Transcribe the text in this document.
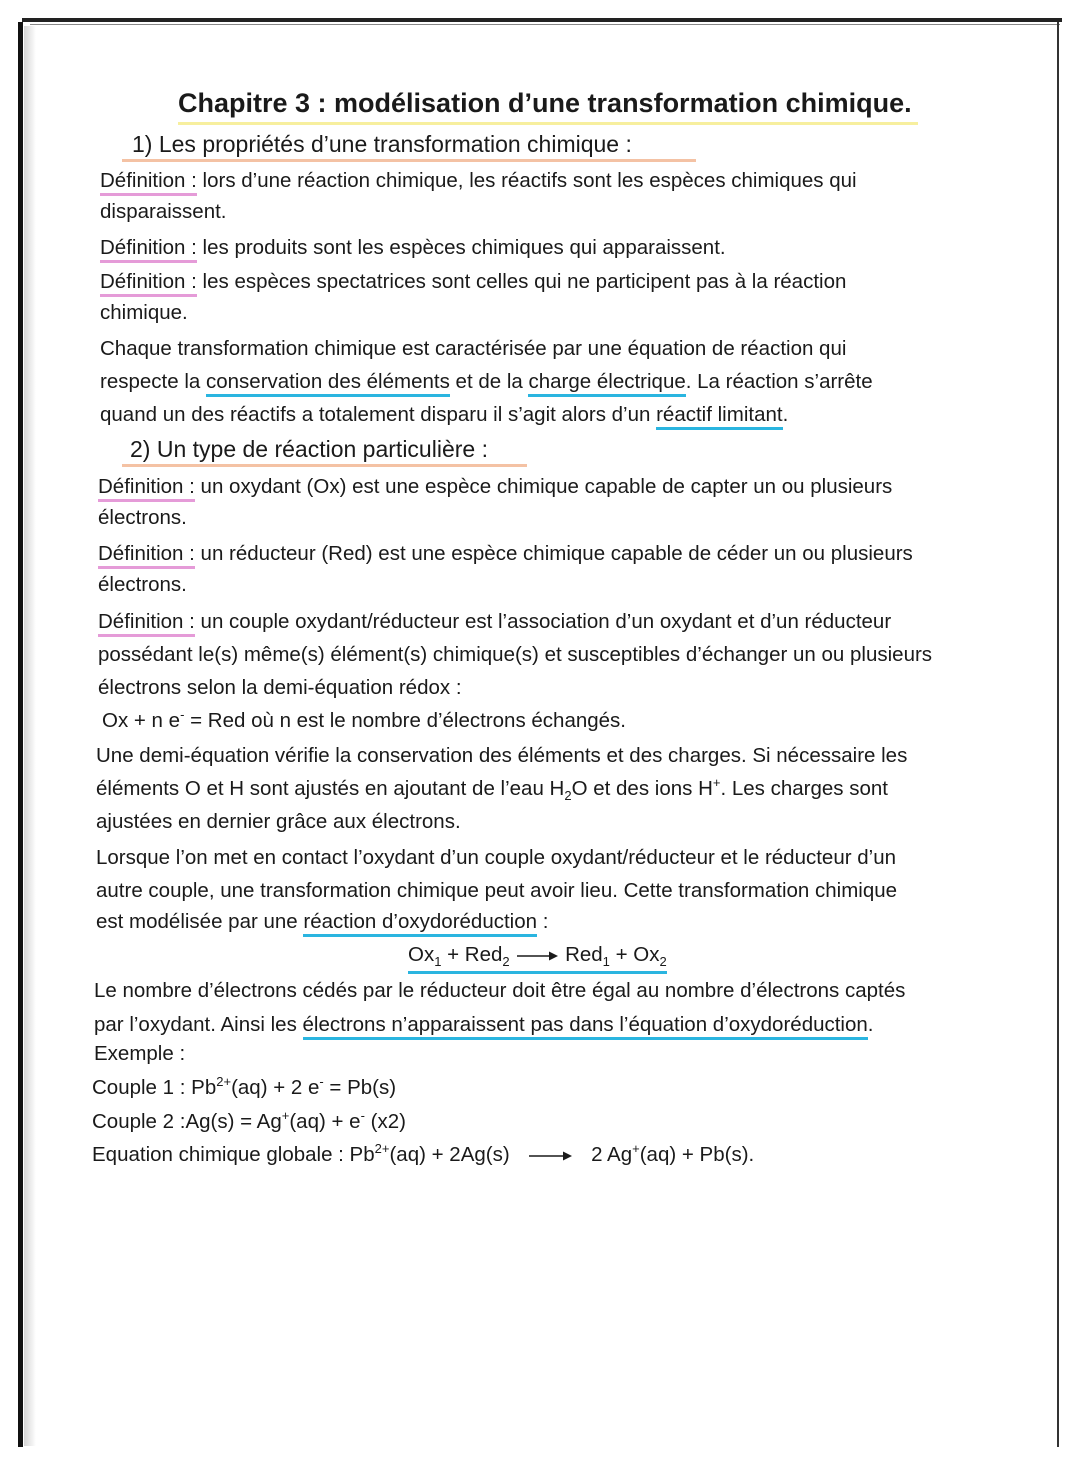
Chapitre 3 : modélisation d’une transformation chimique.
1) Les propriétés d’une transformation chimique :
Définition : lors d’une réaction chimique, les réactifs sont les espèces chimiques qui
disparaissent.
Définition : les produits sont les espèces chimiques qui apparaissent.
Définition : les espèces spectatrices sont celles qui ne participent pas à la réaction
chimique.
Chaque transformation chimique est caractérisée par une équation de réaction qui
respecte la conservation des éléments et de la charge électrique. La réaction s’arrête
quand un des réactifs a totalement disparu il s’agit alors d’un réactif limitant.
2) Un type de réaction particulière :
Définition : un oxydant (Ox) est une espèce chimique capable de capter un ou plusieurs
électrons.
Définition : un réducteur (Red) est une espèce chimique capable de céder un ou plusieurs
électrons.
Définition : un couple oxydant/réducteur est l’association d’un oxydant et d’un réducteur
possédant le(s) même(s) élément(s) chimique(s) et susceptibles d’échanger un ou plusieurs
électrons selon la demi-équation rédox :
Ox + n e- = Red où n est le nombre d’électrons échangés.
Une demi-équation vérifie la conservation des éléments et des charges. Si nécessaire les
éléments O et H sont ajustés en ajoutant de l’eau $H_2O$ et des ions H+. Les charges sont
ajustées en dernier grâce aux électrons.
Lorsque l’on met en contact l’oxydant d’un couple oxydant/réducteur et le réducteur d’un
autre couple, une transformation chimique peut avoir lieu. Cette transformation chimique
est modélisée par une réaction d’oxydoréduction :
$Ox_1 + Red_2 \to Red_1 + Ox_2$
Le nombre d’électrons cédés par le réducteur doit être égal au nombre d’électrons captés
par l’oxydant. Ainsi les électrons n’apparaissent pas dans l’équation d’oxydoréduction.
Exemple :
Couple 1 : $Pb^{2+}(aq) + 2$ e- = Pb(s)
Couple 2 :Ag(s) = Ag+(aq) + e- (x2)
Equation chimique globale : $Pb^{2+}(aq) + 2Ag(s) \to 2$ Ag+(aq) + Pb(s).
